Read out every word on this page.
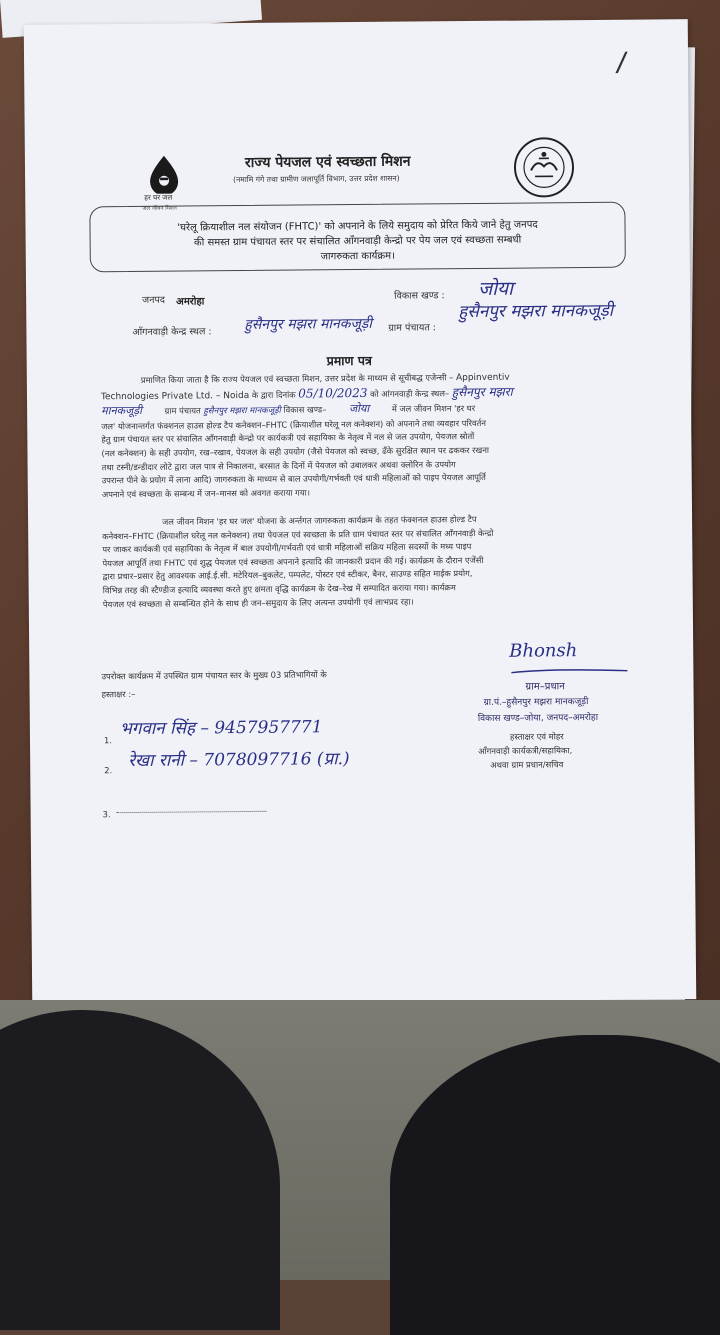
/
हर घर जल
जल जीवन मिशन
राज्य पेयजल एवं स्वच्छता मिशन
(नमामि गंगे तथा ग्रामीण जलापूर्ति विभाग, उत्तर प्रदेश शासन)
'घरेलू क्रियाशील नल संयोजन (FHTC)' को अपनाने के लिये समुदाय को प्रेरित किये जाने हेतु जनपद
की समस्त ग्राम पंचायत स्तर पर संचालित आँगनवाड़ी केन्द्रो पर पेय जल एवं स्वच्छता सम्बधी
जागरुकता कार्यक्रम।
जनपद अमरोहा
विकास खण्ड : जोया
आँगनवाड़ी केन्द्र स्थल : हुसैनपुर मझरा मानकजूड़ी ग्राम पंचायत :
हुसैनपुर मझरा मानकजूड़ी
प्रमाण पत्र
प्रमाणित किया जाता है कि राज्य पेयजल एवं स्वच्छता मिशन, उत्तर प्रदेश के माध्यम से सूचीबद्ध एजेन्सी – Appinventiv
Technologies Private Ltd. – Noida के द्वारा दिनांक 05/10/2023 को आंगनवाड़ी केन्द्र स्थल– हुसैनपुर मझरा
मानकजूड़ी	ग्राम पंचायत हुसैनपुर मझरा मानकजूड़ी विकास खण्ड– जोया	में जल जीवन मिशन 'हर घर
जल' योजनान्तर्गत फंक्शनल हाउस होल्ड टैप कनेक्शन–FHTC (क्रियाशील घरेलू नल कनेक्शन) को अपनाने तथा व्यवहार परिवर्तन
हेतु ग्राम पंचायत स्तर पर संचालित आँगनवाड़ी केन्द्रो पर कार्यकत्री एवं सहायिका के नेतृत्व में नल से जल उपयोग, पेयजल स्रोतों
(नल कनेक्शन) के सही उपयोग, रख–रखाव, पेयजल के सही उपयोग (जैसे पेयजल को स्वच्छ, ढँके सुरक्षित स्थान पर ढककर रखना
तथा टस्नी/डन्डीदार लोटे द्वारा जल पात्र से निकालना, बरसात के दिनों में पेयजल को उबालकर अथवा क्लोरिन के उपयोग
उपरान्त पीने के प्रयोग में लाना आदि) जागरुकता के माध्यम से बाल उपयोगी/गर्भवती एवं धात्री महिलाओं को पाइप पेयजल आपूर्ति
अपनाने एवं स्वच्छता के सम्बन्ध में जन–मानस को अवगत कराया गया।
जल जीवन मिशन 'हर घर जल' योजना के अर्न्तगत जागरुकता कार्यक्रम के तहत फंक्शनल हाउस होल्ड टैप
कनेक्शन–FHTC (क्रियाशील घरेलू नल कनेक्शन) तथा पेयजल एवं स्वच्छता के प्रति ग्राम पंचायत स्तर पर संचालित आँगनवाड़ी केन्द्रो
पर जाकर कार्यकत्री एवं सहायिका के नेतृत्व में बाल उपयोगी/गर्भवती एवं धात्री महिलाओं सक्रिय महिला सदस्यों के मध्य पाइप
पेयजल आपूर्ति तथा FHTC एवं शुद्ध पेयजल एवं स्वच्छता अपनाने इत्यादि की जानकारी प्रदान की गई। कार्यक्रम के दौरान एजेंसी
द्वारा प्रचार–प्रसार हेतु आवश्यक आई.ई.सी. मटेरियल–बुकलेट, पम्पलेट, पोस्टर एवं स्टीकर, बैनर, साउण्ड सहित माईक प्रयोग,
विभिन्न तरह की स्टैण्डीज इत्यादि व्यवस्था करते हुए क्षमता वृद्धि कार्यक्रम के देख–रेख में सम्पादित कराया गया। कार्यक्रम
पेयजल एवं स्वच्छता से सम्बन्धित होने के साथ ही जन–समुदाय के लिए अत्यन्त उपयोगी एवं लाभप्रद रहा।
उपरोक्त कार्यक्रम में उपस्थित ग्राम पंचायत स्तर के मुख्य 03 प्रतिभागियों के
हस्ताक्षर :–
1.
भगवान सिंह – 9457957771
2. रेखा रानी – 7078097716 (प्रा.)
3.
Bhonsh
ग्राम–प्रधान
ग्रा.पं.–हुसैनपुर मझरा मानकजूड़ी
विकास खण्ड–जोया, जनपद–अमरोहा
हस्ताक्षर एवं मोहर
आँगनवाड़ी कार्यकत्री/सहायिका,
अथवा ग्राम प्रधान/सचिव
